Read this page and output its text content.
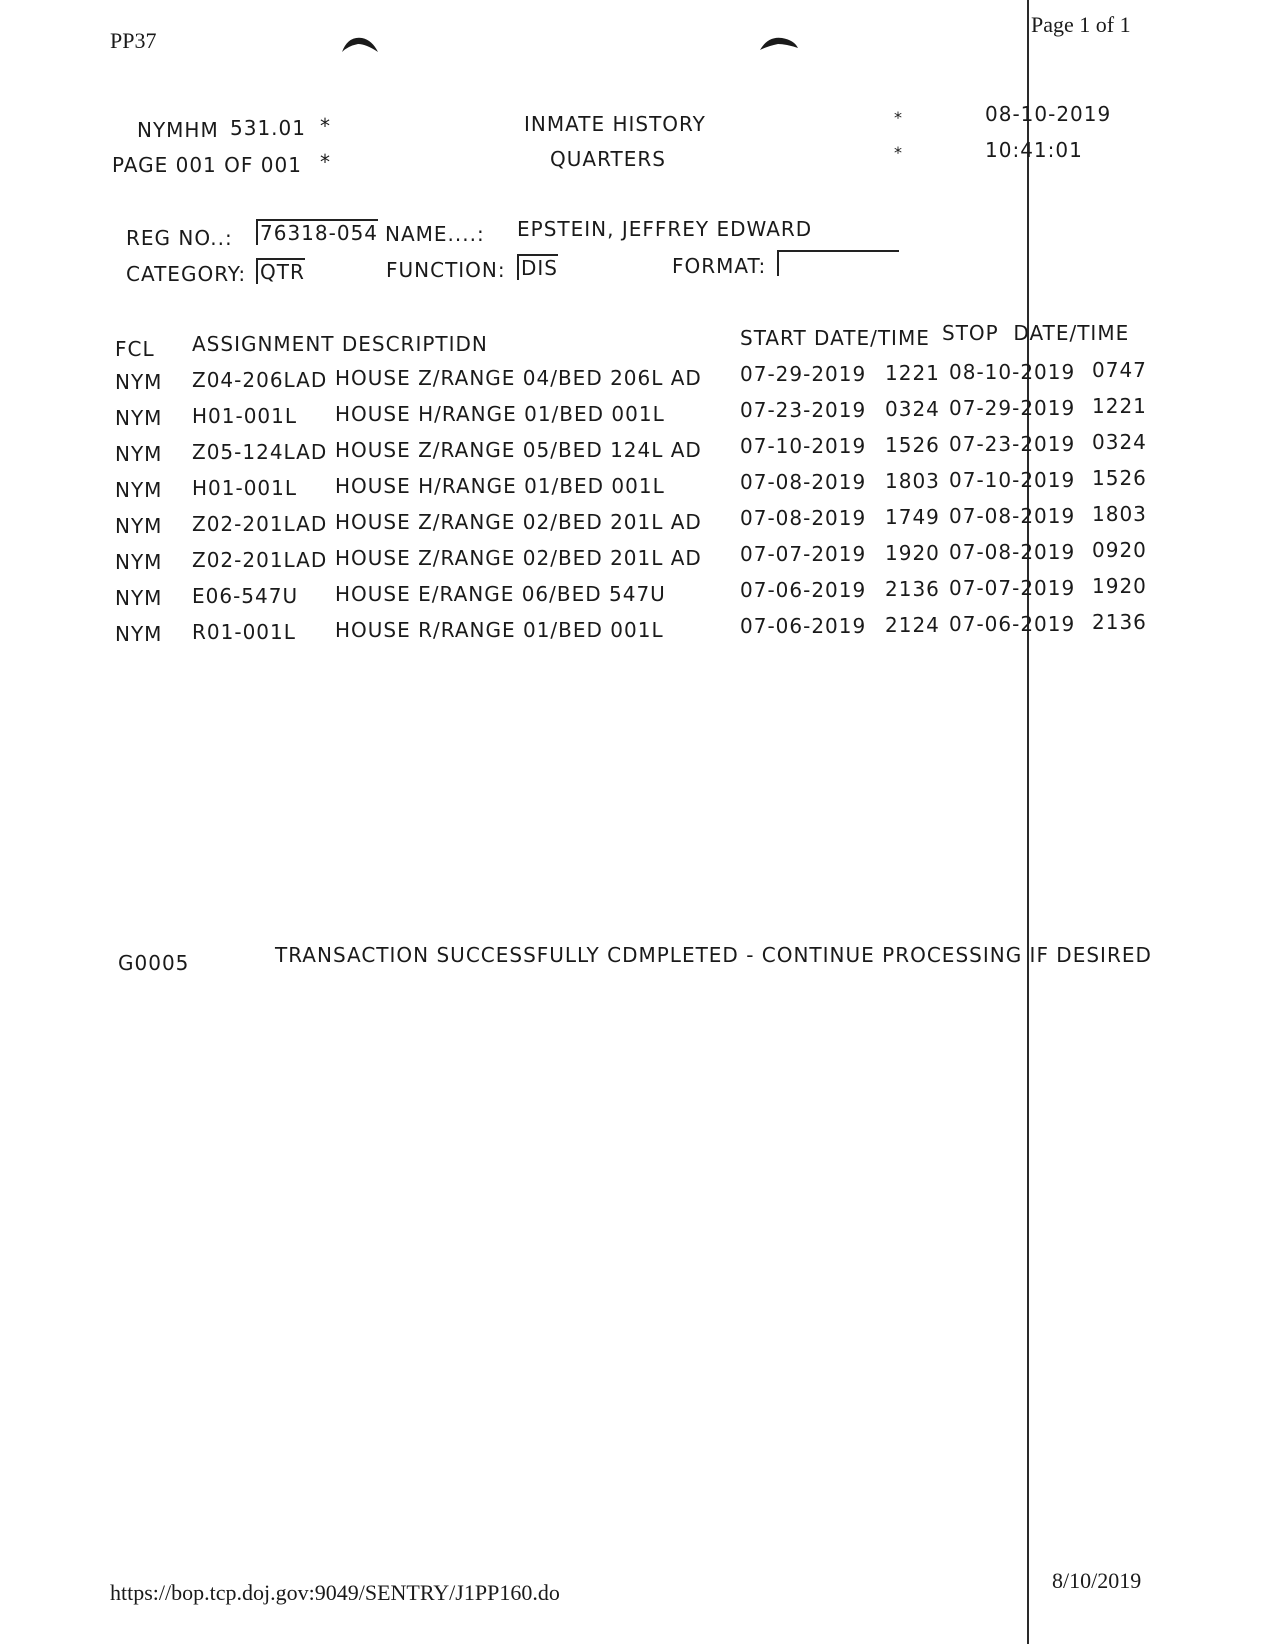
PP37
Page 1 of 1
NYMHM 531.01 *	INMATE HISTORY	*	08-10-2019
PAGE 001 OF 001 *	QUARTERS	*	10:41:01
REG NO..: 76318-054 NAME....: EPSTEIN, JEFFREY EDWARD
CATEGORY: QTR	FUNCTION: DIS	FORMAT:
FCL ASSIGNMENT DESCRIPTIDN	START DATE/TIME STOP  DATE/TIME
NYM Z04-206LAD HOUSE Z/RANGE 04/BED 206L AD 07-29-2019 1221 08-10-2019 0747
NYM H01-001L HOUSE H/RANGE 01/BED 001L	07-23-2019 0324 07-29-2019 1221
NYM Z05-124LAD HOUSE Z/RANGE 05/BED 124L AD 07-10-2019 1526 07-23-2019 0324
NYM H01-001L HOUSE H/RANGE 01/BED 001L	07-08-2019 1803 07-10-2019 1526
NYM Z02-201LAD HOUSE Z/RANGE 02/BED 201L AD 07-08-2019 1749 07-08-2019 1803
NYM Z02-201LAD HOUSE Z/RANGE 02/BED 201L AD 07-07-2019 1920 07-08-2019 0920
NYM E06-547U HOUSE E/RANGE 06/BED 547U	07-06-2019 2136 07-07-2019 1920
NYM R01-001L HOUSE R/RANGE 01/BED 001L	07-06-2019 2124 07-06-2019 2136
G0005	TRANSACTION SUCCESSFULLY CDMPLETED - CONTINUE PROCESSING IF DESIRED
https://bop.tcp.doj.gov:9049/SENTRY/J1PP160.do	8/10/2019
